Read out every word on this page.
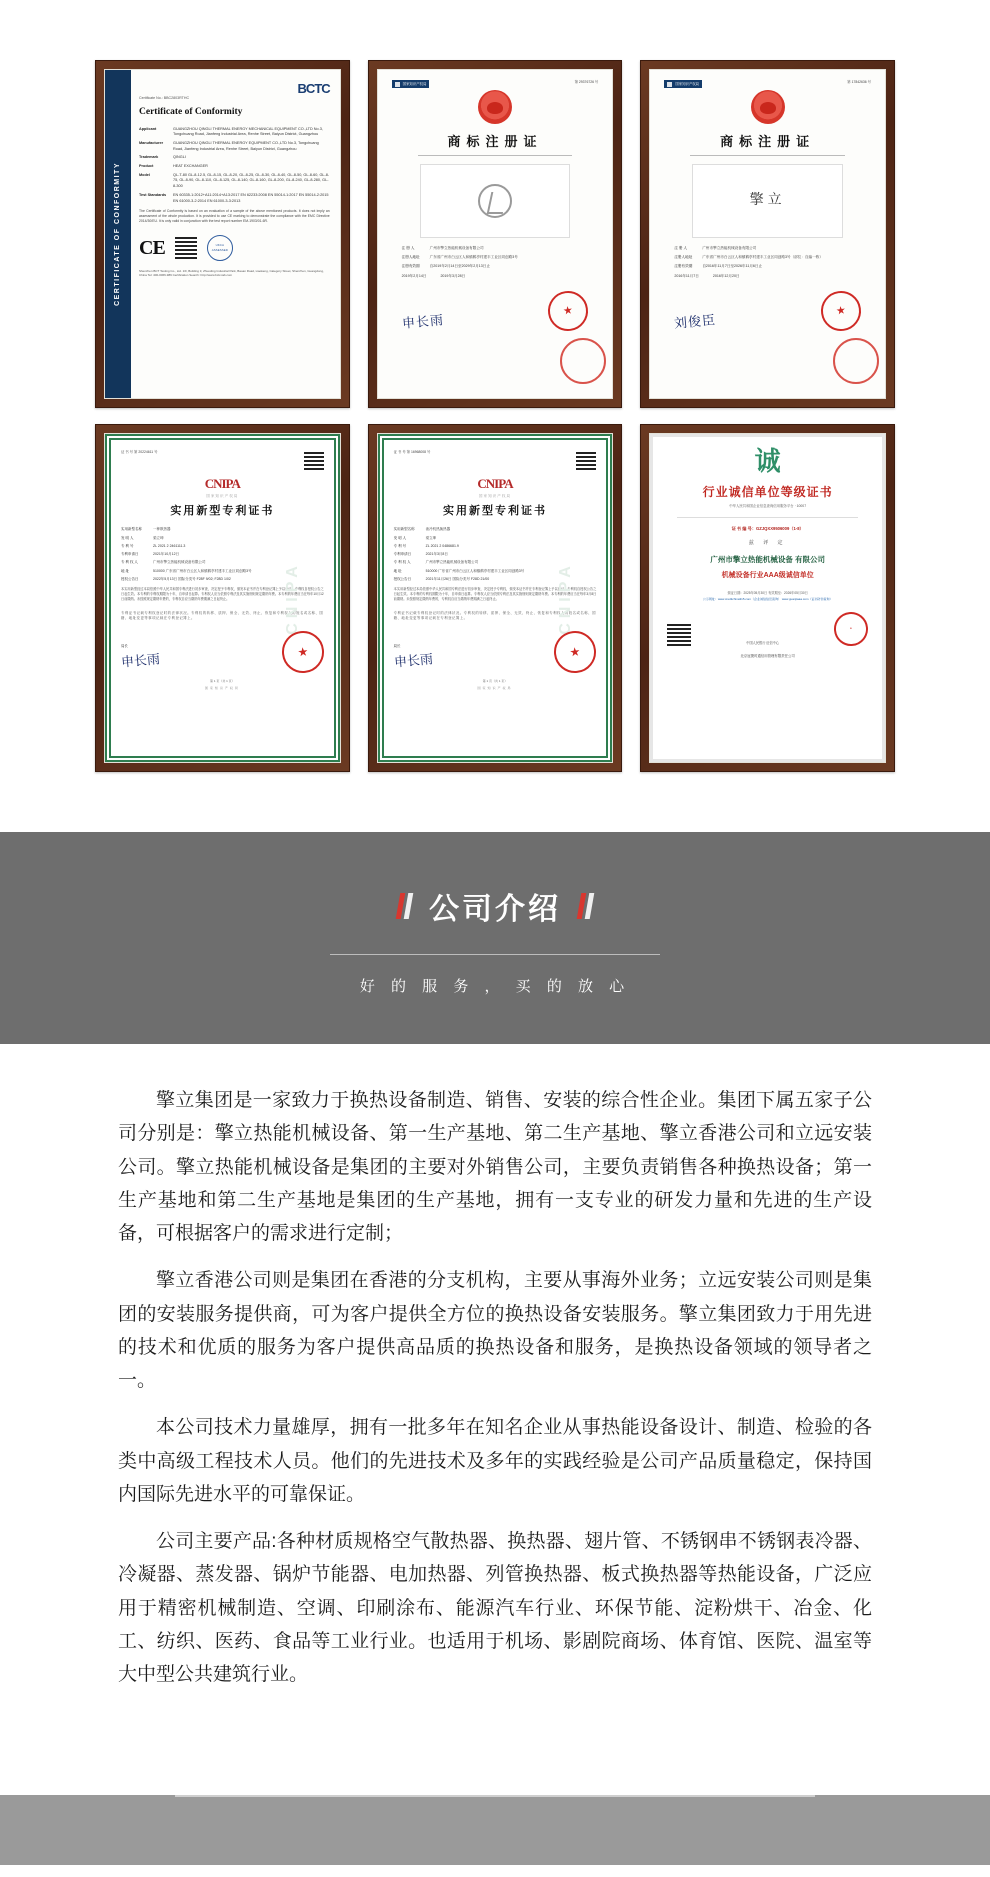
CERTIFICATE OF CONFORMITY
BCTC
Certificate No.: BBC2803RTHC
Certificate of Conformity
Applicant	GUANGZHOU QINGLI THERMAL ENERGY MECHANICAL EQUIPMENT CO.,LTD No.3, Tongchuang Road, Jianfeng Industrial Area, Renhe Street, Baiyun District, Guangzhou
Manufacturer	GUANGZHOU QINGLI THERMAL ENERGY EQUIPMENT CO.,LTD No.3, Tongchuang Road, Jianfeng Industrial Area, Renhe Street, Baiyun District, Guangzhou
Trademark	QINGLI
Product	HEAT EXCHANGER
Model	QL-T-80 GL-8-12.5, GL-8-15, GL-8-20, GL-8-25, GL-8-30, GL-8-40, GL-8-50, GL-8-60, GL-8-75, GL-8-90, GL-8-110, GL-8-125, GL-8-140, GL-8-160, GL-8-200, GL-8-240, GL-8-280, GL-8-300
Test Standards	EN 60335-1:2012+A11:2014+A13:2017 EN 62233:2008 EN 55014-1:2017 EN 55014-2:2015 EN 61000-3-2:2014 EN 61000-3-3:2013
The Certificate of Conformity is based on an evaluation of a sample of the above mentioned products. It does not imply an assessment of the whole production. It is provided to use CE marking to demonstrate the compliance with the EMC Directive 2014/30/EU. It is only valid in conjunction with the test report number EM-1903/01-6R.
CE	UKCA ASSESSED
Shenzhen BCT Testing Co., Ltd. 1/F, Building 3, Zhuoding Industrial Park, Baoan Road, Liaokeng, Category Street, Shenzhen, Guangdong, China Tel: 400-0066-989 Certification Search: http://www.bctc-lab.com
国家知识产权局	第 29376726 号
商标注册证
注 册 人	广州市擎立热能机械设备有限公司
注册人地址	广东省广州市白云区人和镇鹤亭村建丰工业区同创路3号
注册有效期	自2019年2月14日至2029年2月13日止
2019年2月14日	2019年3月28日
申长雨
★
国家知识产权局	第 17842636 号
商标注册证
擎立
注 册 人	广州市擎立热能机械设备有限公司
注册人地址	广东省广州市白云区人和镇鹤亭村建丰工业区同创路3号（部位：自编一栋）
注册有效期	自2016年11月7日至2026年11月6日止
2016年11月7日	2016年12月20日
刘俊臣
★
CNIPA
证 书 号 第 20224611 号
CNIPA
国家知识产权局
实用新型专利证书
实用新型名称	一种散热器
发 明 人	梁立坤
专 利 号	ZL 2021 2 2461111.3
专利申请日	2021年10月12日
专 利 权 人	广州市擎立热能机械设备有限公司
地 址	510000 广东省广州市白云区人和镇鹤亭村建丰工业区同创路3号
授权公告日	2022年5月13日 国际分类号 F28F 9/02; F28D 1/02
本实用新型经过本局依照中华人民共和国专利法进行初步审查，决定授予专利权，颁发本证书并在专利登记簿上予以登记。专利权自授权公告之日起生效。本专利的专利权期限为十年，自申请日起算。专利权人应当依照专利法及其实施细则规定缴纳年费。本专利的年费应当在每年10月12日前缴纳。未按照规定缴纳年费的，专利权自应当缴纳年费期满之日起终止。
专利证书记载专利权登记时的法律状况。专利权的转移、质押、保全、无效、终止、恢复和专利权人的姓名或名称、国籍、地址变更等事项记载在专利登记簿上。
局长
申长雨	★
第 1 页（共 1 页）
国家知识产权局
CNIPA
证 书 号 第 16968008 号
CNIPA
国家知识产权局
实用新型专利证书
实用新型名称	油冷机热换热器
发 明 人	梁立坤
专 利 号	ZL 2021 2 0486681.9
专利申请日	2021年3月8日
专 利 权 人	广州市擎立热能机械设备有限公司
地 址	510000 广东省广州市白云区人和镇鹤亭村建丰工业区同创路3号
授权公告日	2021年11月26日 国际分类号 F28D 21/00
本实用新型经过本局依照中华人民共和国专利法进行初步审查，决定授予专利权，颁发本证书并在专利登记簿上予以登记。专利权自授权公告之日起生效。本专利的专利权期限为十年，自申请日起算。专利权人应当依照专利法及其实施细则规定缴纳年费。本专利的年费应当在每年3月8日前缴纳。未按照规定缴纳年费的，专利权自应当缴纳年费期满之日起终止。
专利证书记载专利权登记时的法律状况。专利权的转移、质押、保全、无效、终止、恢复和专利权人的姓名或名称、国籍、地址变更等事项记载在专利登记簿上。
局长
申长雨	★
第 1 页（共 1 页）
国家知识产权局
诚
行业诚信单位等级证书
中华人民共和国企业信息查询信用服务平台 · 10007
证 书 编 号：GZJQXX9506009（1-8）
兹 评 定
广州市擎立热能机械设备 有限公司
机械设备行业AAA级诚信单位
颁证日期：2025年05月30日 有效期至：2026年05月30日
公示网址：www.creditchina315.com（企业诚信信息查询） www.guanjiaaa.com（证书防伪查询）
中国人民银行 征信中心
★
北京冠捷时通信用管理有限责任公司
公司介绍
好 的 服 务 ， 买 的 放 心

擎立集团是一家致力于换热设备制造、销售、安装的综合性企业。集团下属五家子公司分别是：擎立热能机械设备、第一生产基地、第二生产基地、擎立香港公司和立远安装公司。擎立热能机械设备是集团的主要对外销售公司，主要负责销售各种换热设备；第一生产基地和第二生产基地是集团的生产基地，拥有一支专业的研发力量和先进的生产设备，可根据客户的需求进行定制；

擎立香港公司则是集团在香港的分支机构，主要从事海外业务；立远安装公司则是集团的安装服务提供商，可为客户提供全方位的换热设备安装服务。擎立集团致力于用先进的技术和优质的服务为客户提供高品质的换热设备和服务，是换热设备领域的领导者之一。

本公司技术力量雄厚，拥有一批多年在知名企业从事热能设备设计、制造、检验的各类中高级工程技术人员。他们的先进技术及多年的实践经验是公司产品质量稳定，保持国内国际先进水平的可靠保证。

公司主要产品:各种材质规格空气散热器、换热器、翅片管、不锈钢串不锈钢表冷器、冷凝器、蒸发器、锅炉节能器、电加热器、列管换热器、板式换热器等热能设备，广泛应用于精密机械制造、空调、印刷涂布、能源汽车行业、环保节能、淀粉烘干、冶金、化工、纺织、医药、食品等工业行业。也适用于机场、影剧院商场、体育馆、医院、温室等大中型公共建筑行业。
